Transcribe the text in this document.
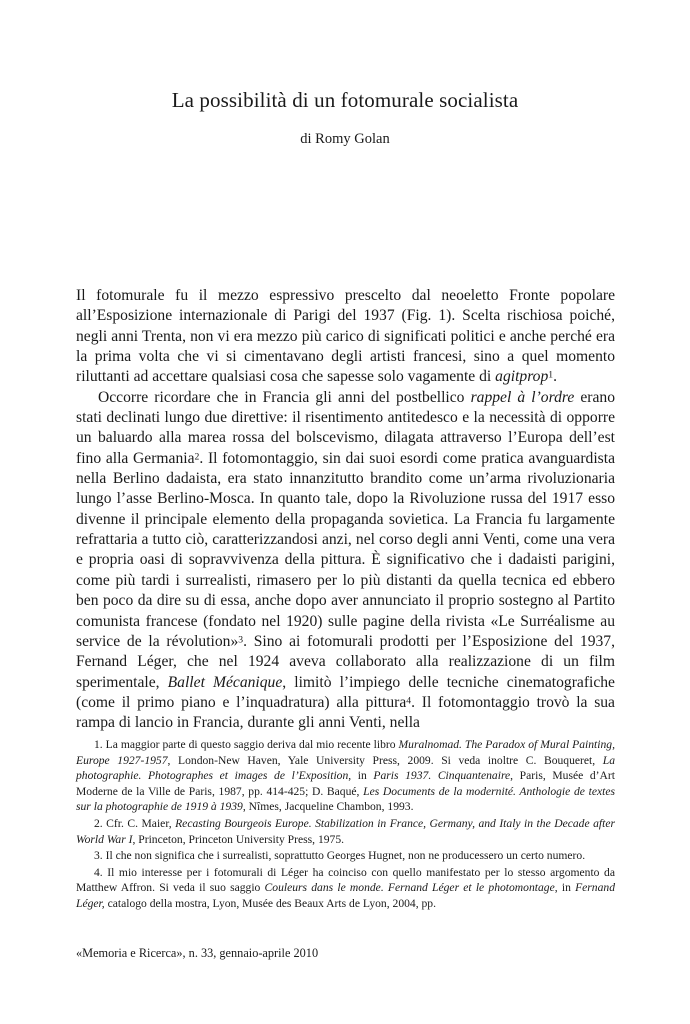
La possibilità di un fotomurale socialista
di Romy Golan

Il fotomurale fu il mezzo espressivo prescelto dal neoeletto Fronte popolare all’Esposizione internazionale di Parigi del 1937 (Fig. 1). Scelta rischiosa poiché, negli anni Trenta, non vi era mezzo più carico di significati politici e anche perché era la prima volta che vi si cimentavano degli artisti francesi, sino a quel momento riluttanti ad accettare qualsiasi cosa che sapesse solo vagamente di agitprop$^1$.

Occorre ricordare che in Francia gli anni del postbellico rappel à l’ordre erano stati declinati lungo due direttive: il risentimento antitedesco e la necessità di opporre un baluardo alla marea rossa del bolscevismo, dilagata attraverso l’Europa dell’est fino alla Germania$^2$. Il fotomontaggio, sin dai suoi esordi come pratica avanguardista nella Berlino dadaista, era stato innanzitutto brandito come un’arma rivoluzionaria lungo l’asse Berlino-Mosca. In quanto tale, dopo la Rivoluzione russa del 1917 esso divenne il principale elemento della propaganda sovietica. La Francia fu largamente refrattaria a tutto ciò, caratterizzandosi anzi, nel corso degli anni Venti, come una vera e propria oasi di sopravvivenza della pittura. È significativo che i dadaisti parigini, come più tardi i surrealisti, rimasero per lo più distanti da quella tecnica ed ebbero ben poco da dire su di essa, anche dopo aver annunciato il proprio sostegno al Partito comunista francese (fondato nel 1920) sulle pagine della rivista «Le Surréalisme au service de la révolution»$^3$. Sino ai fotomurali prodotti per l’Esposizione del 1937, Fernand Léger, che nel 1924 aveva collaborato alla realizzazione di un film sperimentale, Ballet Mécanique, limitò l’impiego delle tecniche cinematografiche (come il primo piano e l’inquadratura) alla pittura$^4$. Il fotomontaggio trovò la sua rampa di lancio in Francia, durante gli anni Venti, nella

1. La maggior parte di questo saggio deriva dal mio recente libro Muralnomad. The Paradox of Mural Painting, Europe 1927-1957, London-New Haven, Yale University Press, 2009. Si veda inoltre C. Bouqueret, La photographie. Photographes et images de l’Exposition, in Paris 1937. Cinquantenaire, Paris, Musée d’Art Moderne de la Ville de Paris, 1987, pp. 414-425; D. Baqué, Les Documents de la modernité. Anthologie de textes sur la photographie de 1919 à 1939, Nîmes, Jacqueline Chambon, 1993.

2. Cfr. C. Maier, Recasting Bourgeois Europe. Stabilization in France, Germany, and Italy in the Decade after World War I, Princeton, Princeton University Press, 1975.

3. Il che non significa che i surrealisti, soprattutto Georges Hugnet, non ne producessero un certo numero.

4. Il mio interesse per i fotomurali di Léger ha coinciso con quello manifestato per lo stesso argomento da Matthew Affron. Si veda il suo saggio Couleurs dans le monde. Fernand Léger et le photomontage, in Fernand Léger, catalogo della mostra, Lyon, Musée des Beaux Arts de Lyon, 2004, pp.

«Memoria e Ricerca», n. 33, gennaio-aprile 2010
